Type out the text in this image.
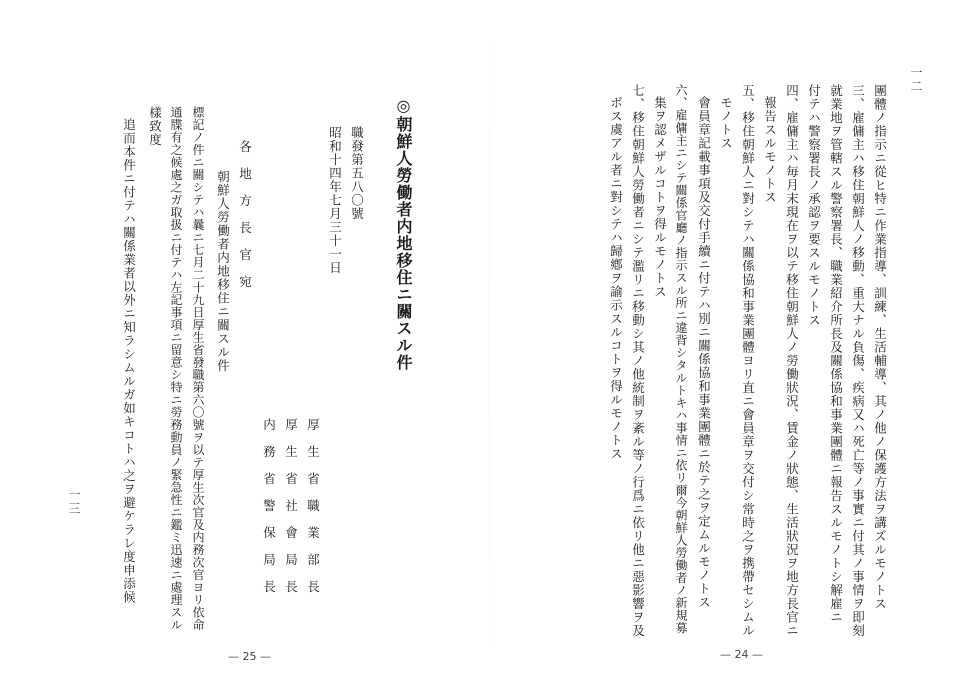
◎朝鮮人勞働者内地移住ニ關スル件
職發第五八〇號
昭和十四年七月三十一日
厚　生　省　職　業　部　長
厚　生　省　社　會　局　長
内　務　省　警　保　局　長
各　地　方　長　官　宛
朝鮮人勞働者内地移住ニ關スル件
標記ノ件ニ關シテハ曩ニ七月二十九日厚生省發職第六〇號ヲ以テ厚生次官及内務次官ヨリ依命
通牒有之候處之ガ取扱ニ付テハ左記事項ニ留意シ特ニ勞務動員ノ緊急性ニ鑑ミ迅速ニ處理スル
樣致度
追而本件ニ付テハ關係業者以外ニ知ラシムルガ如キコトハ之ヲ避ケラレ度申添候
一三
— 25 —
一二
團體ノ指示ニ從ヒ特ニ作業指導、訓練、生活輔導、其ノ他ノ保護方法ヲ講ズルモノトス
三、雇傭主ハ移住朝鮮人ノ移動、重大ナル負傷、疾病又ハ死亡等ノ事實ニ付其ノ事情ヲ即刻
就業地ヲ管轄スル警察署長、職業紹介所長及關係協和事業團體ニ報告スルモノトシ解雇ニ
付テハ警察署長ノ承認ヲ要スルモノトス
四、雇傭主ハ毎月末現在ヲ以テ移住朝鮮人ノ勞働狀況、賃金ノ狀態、生活狀況ヲ地方長官ニ
報告スルモノトス
五、移住朝鮮人ニ對シテハ關係協和事業團體ヨリ直ニ會員章ヲ交付シ常時之ヲ携帶セシムル
モノトス
會員章記載事項及交付手續ニ付テハ別ニ關係協和事業團體ニ於テ之ヲ定ムルモノトス
六、雇傭主ニシテ關係官廳ノ指示スル所ニ違背シタルトキハ事情ニ依リ爾今朝鮮人勞働者ノ新規募
集ヲ認メザルコトヲ得ルモノトス
七、移住朝鮮人勞働者ニシテ濫リニ移動シ其ノ他統制ヲ紊ル等ノ行爲ニ依リ他ニ惡影響ヲ及
ボス虞アル者ニ對シテハ歸鄕ヲ諭示スルコトヲ得ルモノトス
— 24 —
